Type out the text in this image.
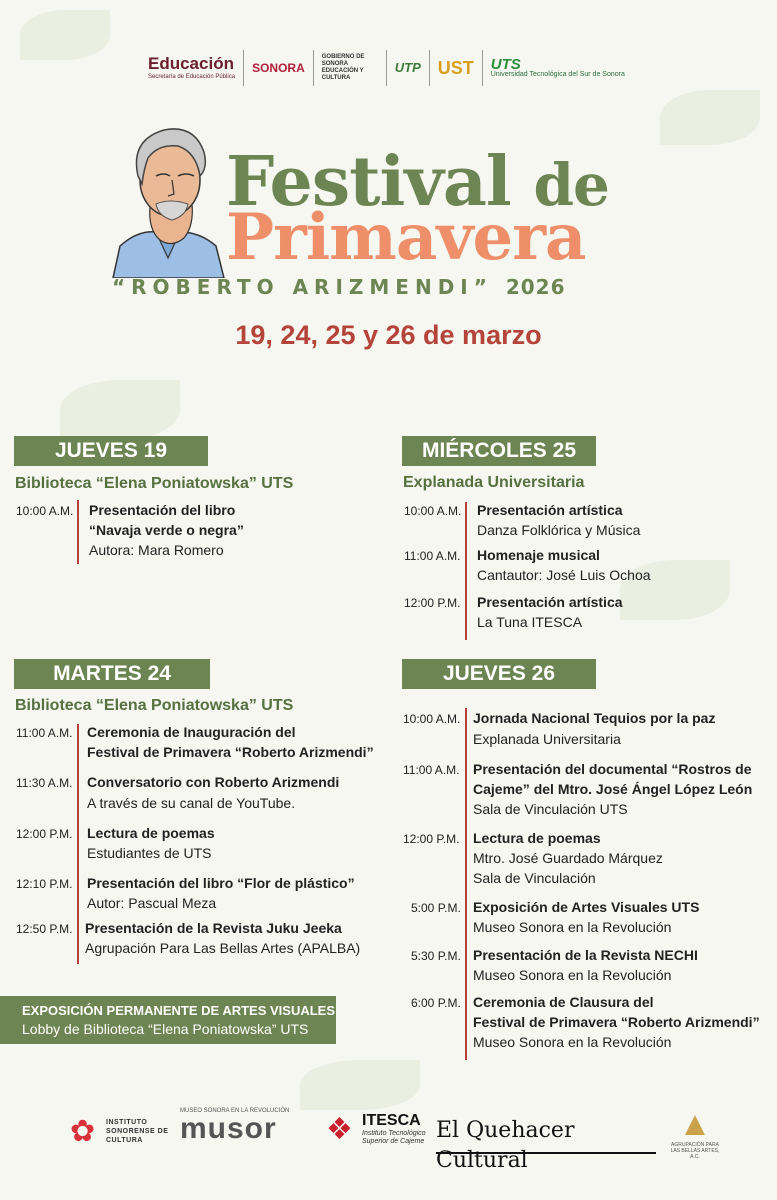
Educación
Secretaría de Educación Pública
SONORA
GOBIERNO DE SONORA
EDUCACIÓN Y CULTURA
UTP UST UTS
Universidad Tecnológica del Sur de Sonora
Festival de
Primavera
“ROBERTO ARIZMENDI” 2026
19, 24, 25 y 26 de marzo
JUEVES 19
Biblioteca “Elena Poniatowska” UTS
10:00 A.M. Presentación del libro
“Navaja verde o negra”
Autora: Mara Romero
MIÉRCOLES 25
Explanada Universitaria
10:00 A.M. Presentación artística
Danza Folklórica y Música
11:00 A.M. Homenaje musical
Cantautor: José Luis Ochoa
12:00 P.M. Presentación artística
La Tuna ITESCA
MARTES 24
Biblioteca “Elena Poniatowska” UTS
11:00 A.M. Ceremonia de Inauguración del
Festival de Primavera “Roberto Arizmendi”
11:30 A.M. Conversatorio con Roberto Arizmendi
A través de su canal de YouTube.
12:00 P.M. Lectura de poemas
Estudiantes de UTS
12:10 P.M. Presentación del libro “Flor de plástico”
Autor: Pascual Meza
12:50 P.M. Presentación de la Revista Juku Jeeka
Agrupación Para Las Bellas Artes (APALBA)
JUEVES 26
10:00 A.M. Jornada Nacional Tequios por la paz
Explanada Universitaria
11:00 A.M. Presentación del documental “Rostros de
Cajeme” del Mtro. José Ángel López León
Sala de Vinculación UTS
12:00 P.M. Lectura de poemas
Mtro. José Guardado Márquez
Sala de Vinculación
5:00 P.M. Exposición de Artes Visuales UTS
Museo Sonora en la Revolución
5:30 P.M. Presentación de la Revista NECHI
Museo Sonora en la Revolución
6:00 P.M. Ceremonia de Clausura del
Festival de Primavera “Roberto Arizmendi”
Museo Sonora en la Revolución
EXPOSICIÓN PERMANENTE DE ARTES VISUALES
Lobby de Biblioteca “Elena Poniatowska” UTS
✿	INSTITUTO SONORENSE DE CULTURA
MUSEO SONORA EN LA REVOLUCIÓN
musor	❖ ITESCA
Instituto Tecnológico Superior de Cajeme El Quehacer Cultural
▲
AGRUPACIÓN PARA LAS BELLAS ARTES, A.C.
